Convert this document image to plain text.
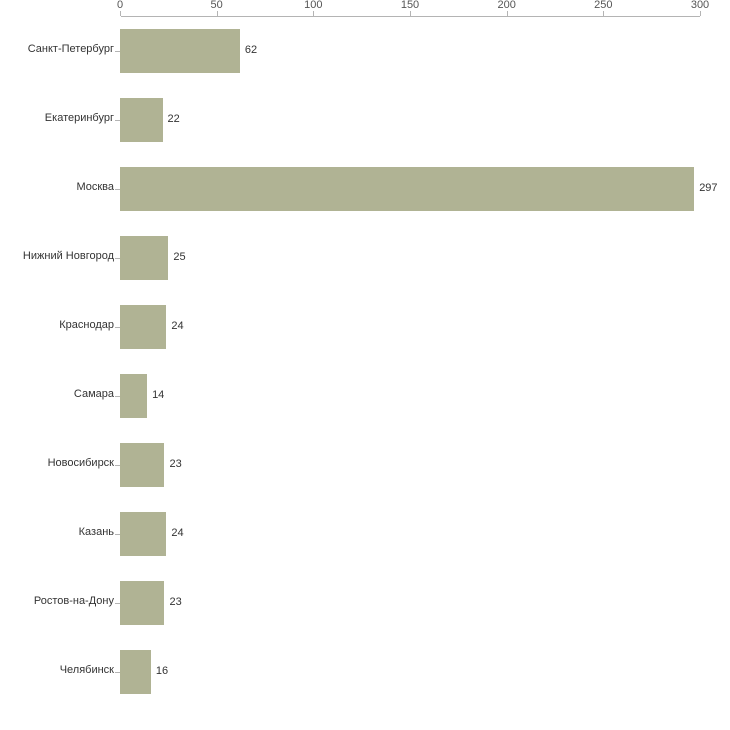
0	50	100	150	200	250	300
Санкт-Петербург	62
Екатеринбург	22
Москва	297
Нижний Новгород	25
Краснодар	24
Самара	14
Новосибирск	23
Казань	24
Ростов-на-Дону	23
Челябинск	16
